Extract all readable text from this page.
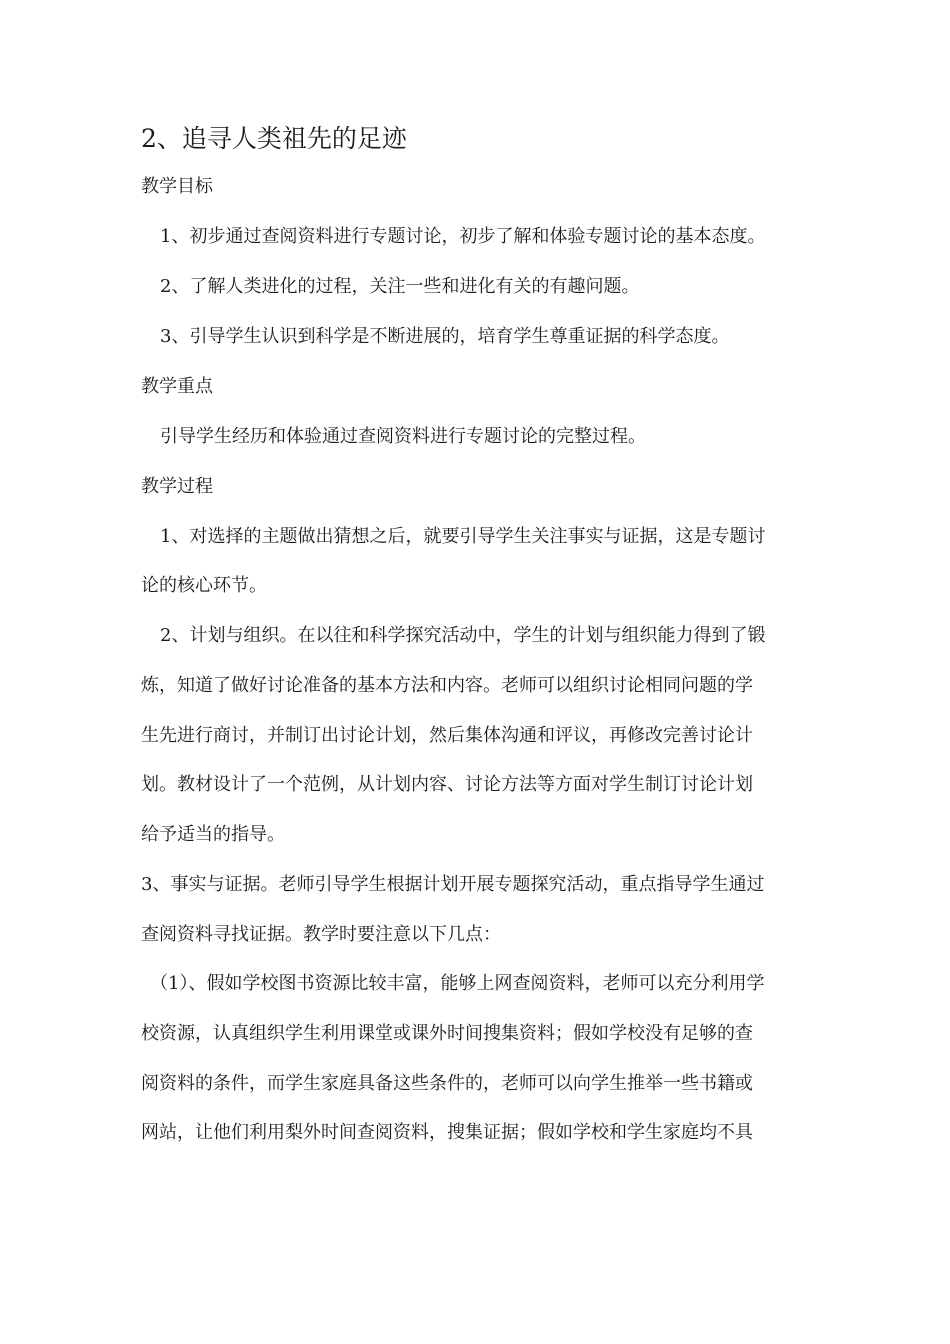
2、追寻人类祖先的足迹
教学目标
1、初步通过查阅资料进行专题讨论，初步了解和体验专题讨论的基本态度。
2、了解人类进化的过程，关注一些和进化有关的有趣问题。
3、引导学生认识到科学是不断进展的，培育学生尊重证据的科学态度。
教学重点
引导学生经历和体验通过查阅资料进行专题讨论的完整过程。
教学过程
1、对选择的主题做出猜想之后，就要引导学生关注事实与证据，这是专题讨
论的核心环节。
2、计划与组织。在以往和科学探究活动中，学生的计划与组织能力得到了锻
炼，知道了做好讨论准备的基本方法和内容。老师可以组织讨论相同问题的学
生先进行商讨，并制订出讨论计划，然后集体沟通和评议，再修改完善讨论计
划。教材设计了一个范例，从计划内容、讨论方法等方面对学生制订讨论计划
给予适当的指导。
3、事实与证据。老师引导学生根据计划开展专题探究活动，重点指导学生通过
查阅资料寻找证据。教学时要注意以下几点：
（1）、假如学校图书资源比较丰富，能够上网查阅资料，老师可以充分利用学
校资源，认真组织学生利用课堂或课外时间搜集资料；假如学校没有足够的查
阅资料的条件，而学生家庭具备这些条件的，老师可以向学生推举一些书籍或
网站，让他们利用梨外时间查阅资料，搜集证据；假如学校和学生家庭均不具
